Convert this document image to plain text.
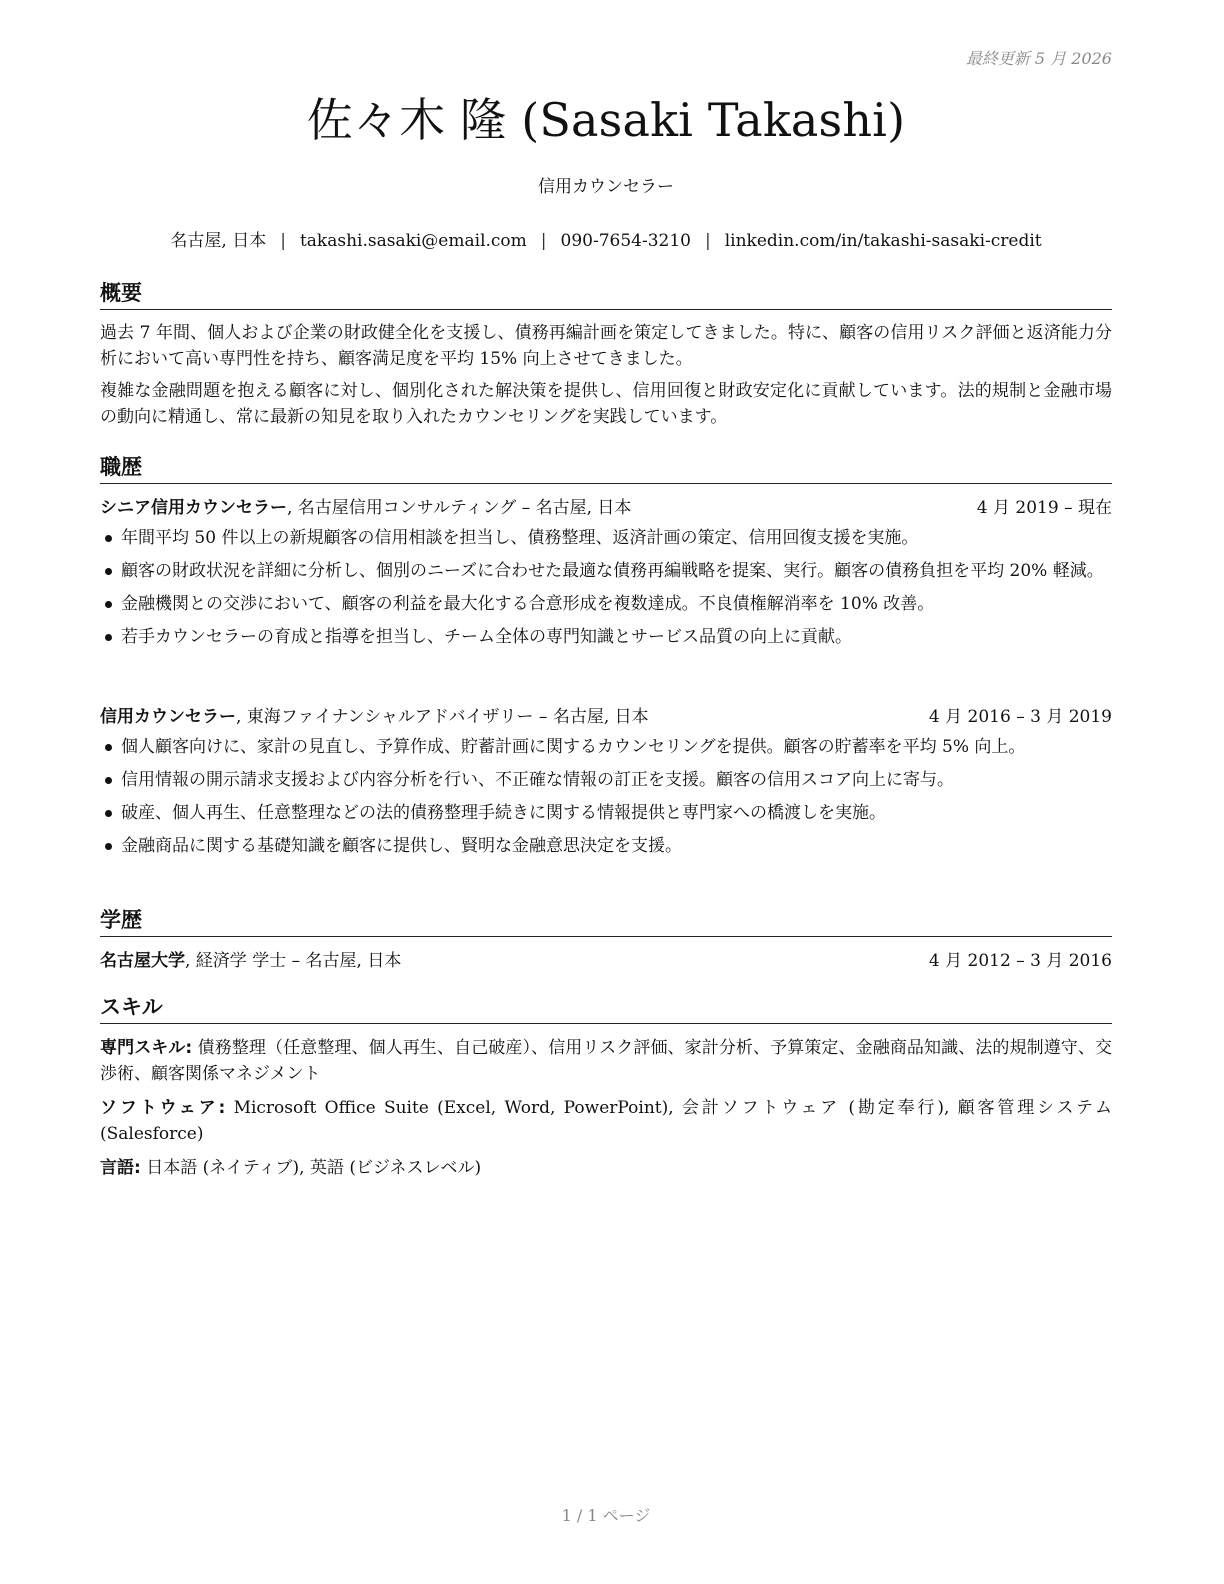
最終更新 5 月 2026
佐々木 隆 (Sasaki Takashi)
信用カウンセラー
名古屋, 日本 | takashi.sasaki@email.com | 090-7654-3210 | linkedin.com/in/takashi-sasaki-credit
概要

過去 7 年間、個人および企業の財政健全化を支援し、債務再編計画を策定してきました。特に、顧客の信用リスク評価と返済能力分析において高い専門性を持ち、顧客満足度を平均 15% 向上させてきました。

複雑な金融問題を抱える顧客に対し、個別化された解決策を提供し、信用回復と財政安定化に貢献しています。法的規制と金融市場の動向に精通し、常に最新の知見を取り入れたカウンセリングを実践しています。

職歴
シニア信用カウンセラー, 名古屋信用コンサルティング – 名古屋, 日本	4 月 2019 – 現在
年間平均 50 件以上の新規顧客の信用相談を担当し、債務整理、返済計画の策定、信用回復支援を実施。
顧客の財政状況を詳細に分析し、個別のニーズに合わせた最適な債務再編戦略を提案、実行。顧客の債務負担を平均 20% 軽減。
金融機関との交渉において、顧客の利益を最大化する合意形成を複数達成。不良債権解消率を 10% 改善。
若手カウンセラーの育成と指導を担当し、チーム全体の専門知識とサービス品質の向上に貢献。
信用カウンセラー, 東海ファイナンシャルアドバイザリー – 名古屋, 日本	4 月 2016 – 3 月 2019
個人顧客向けに、家計の見直し、予算作成、貯蓄計画に関するカウンセリングを提供。顧客の貯蓄率を平均 5% 向上。
信用情報の開示請求支援および内容分析を行い、不正確な情報の訂正を支援。顧客の信用スコア向上に寄与。
破産、個人再生、任意整理などの法的債務整理手続きに関する情報提供と専門家への橋渡しを実施。
金融商品に関する基礎知識を顧客に提供し、賢明な金融意思決定を支援。
学歴
名古屋大学, 経済学 学士 – 名古屋, 日本	4 月 2012 – 3 月 2016
スキル

専門スキル: 債務整理（任意整理、個人再生、自己破産）、信用リスク評価、家計分析、予算策定、金融商品知識、法的規制遵守、交渉術、顧客関係マネジメント

ソフトウェア: Microsoft Office Suite (Excel, Word, PowerPoint), 会計ソフトウェア (勘定奉行), 顧客管理システム (Salesforce)

言語: 日本語 (ネイティブ), 英語 (ビジネスレベル)

1 / 1 ページ
